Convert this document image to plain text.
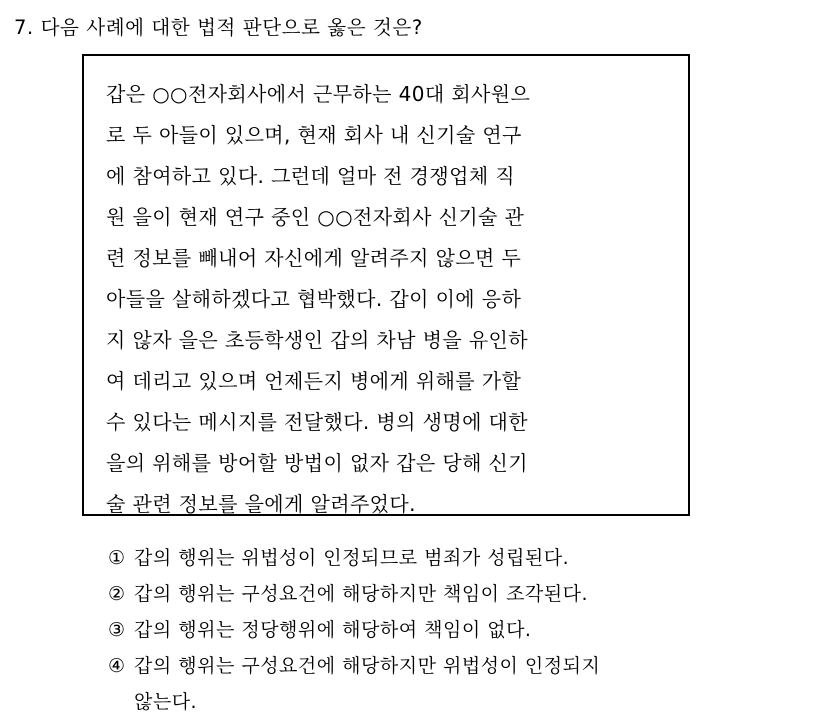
7. 다음 사례에 대한 법적 판단으로 옳은 것은?
갑은 ○○전자회사에서 근무하는 40대 회사원으
로 두 아들이 있으며, 현재 회사 내 신기술 연구
에 참여하고 있다. 그런데 얼마 전 경쟁업체 직
원 을이 현재 연구 중인 ○○전자회사 신기술 관
련 정보를 빼내어 자신에게 알려주지 않으면 두
아들을 살해하겠다고 협박했다. 갑이 이에 응하
지 않자 을은 초등학생인 갑의 차남 병을 유인하
여 데리고 있으며 언제든지 병에게 위해를 가할
수 있다는 메시지를 전달했다. 병의 생명에 대한
을의 위해를 방어할 방법이 없자 갑은 당해 신기
술 관련 정보를 을에게 알려주었다.
① 갑의 행위는 위법성이 인정되므로 범죄가 성립된다.
② 갑의 행위는 구성요건에 해당하지만 책임이 조각된다.
③ 갑의 행위는 정당행위에 해당하여 책임이 없다.
④ 갑의 행위는 구성요건에 해당하지만 위법성이 인정되지
않는다.
